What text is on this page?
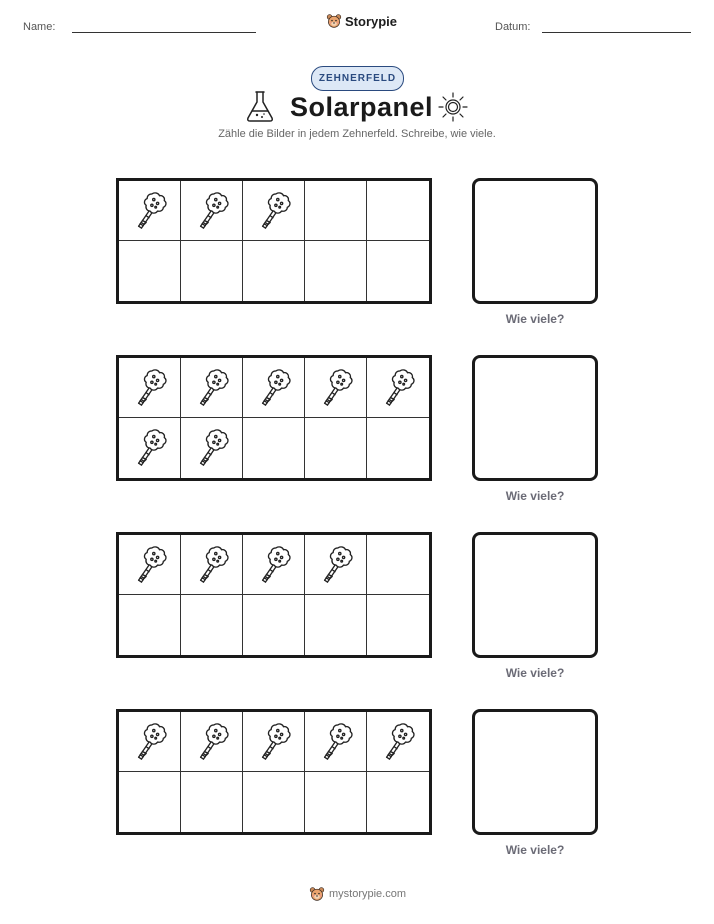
Name:	Storypie	Datum:
ZEHNERFELD
Solarpanel
Zähle die Bilder in jedem Zehnerfeld. Schreibe, wie viele.
Wie viele?
Wie viele?
Wie viele?
Wie viele?
mystorypie.com
